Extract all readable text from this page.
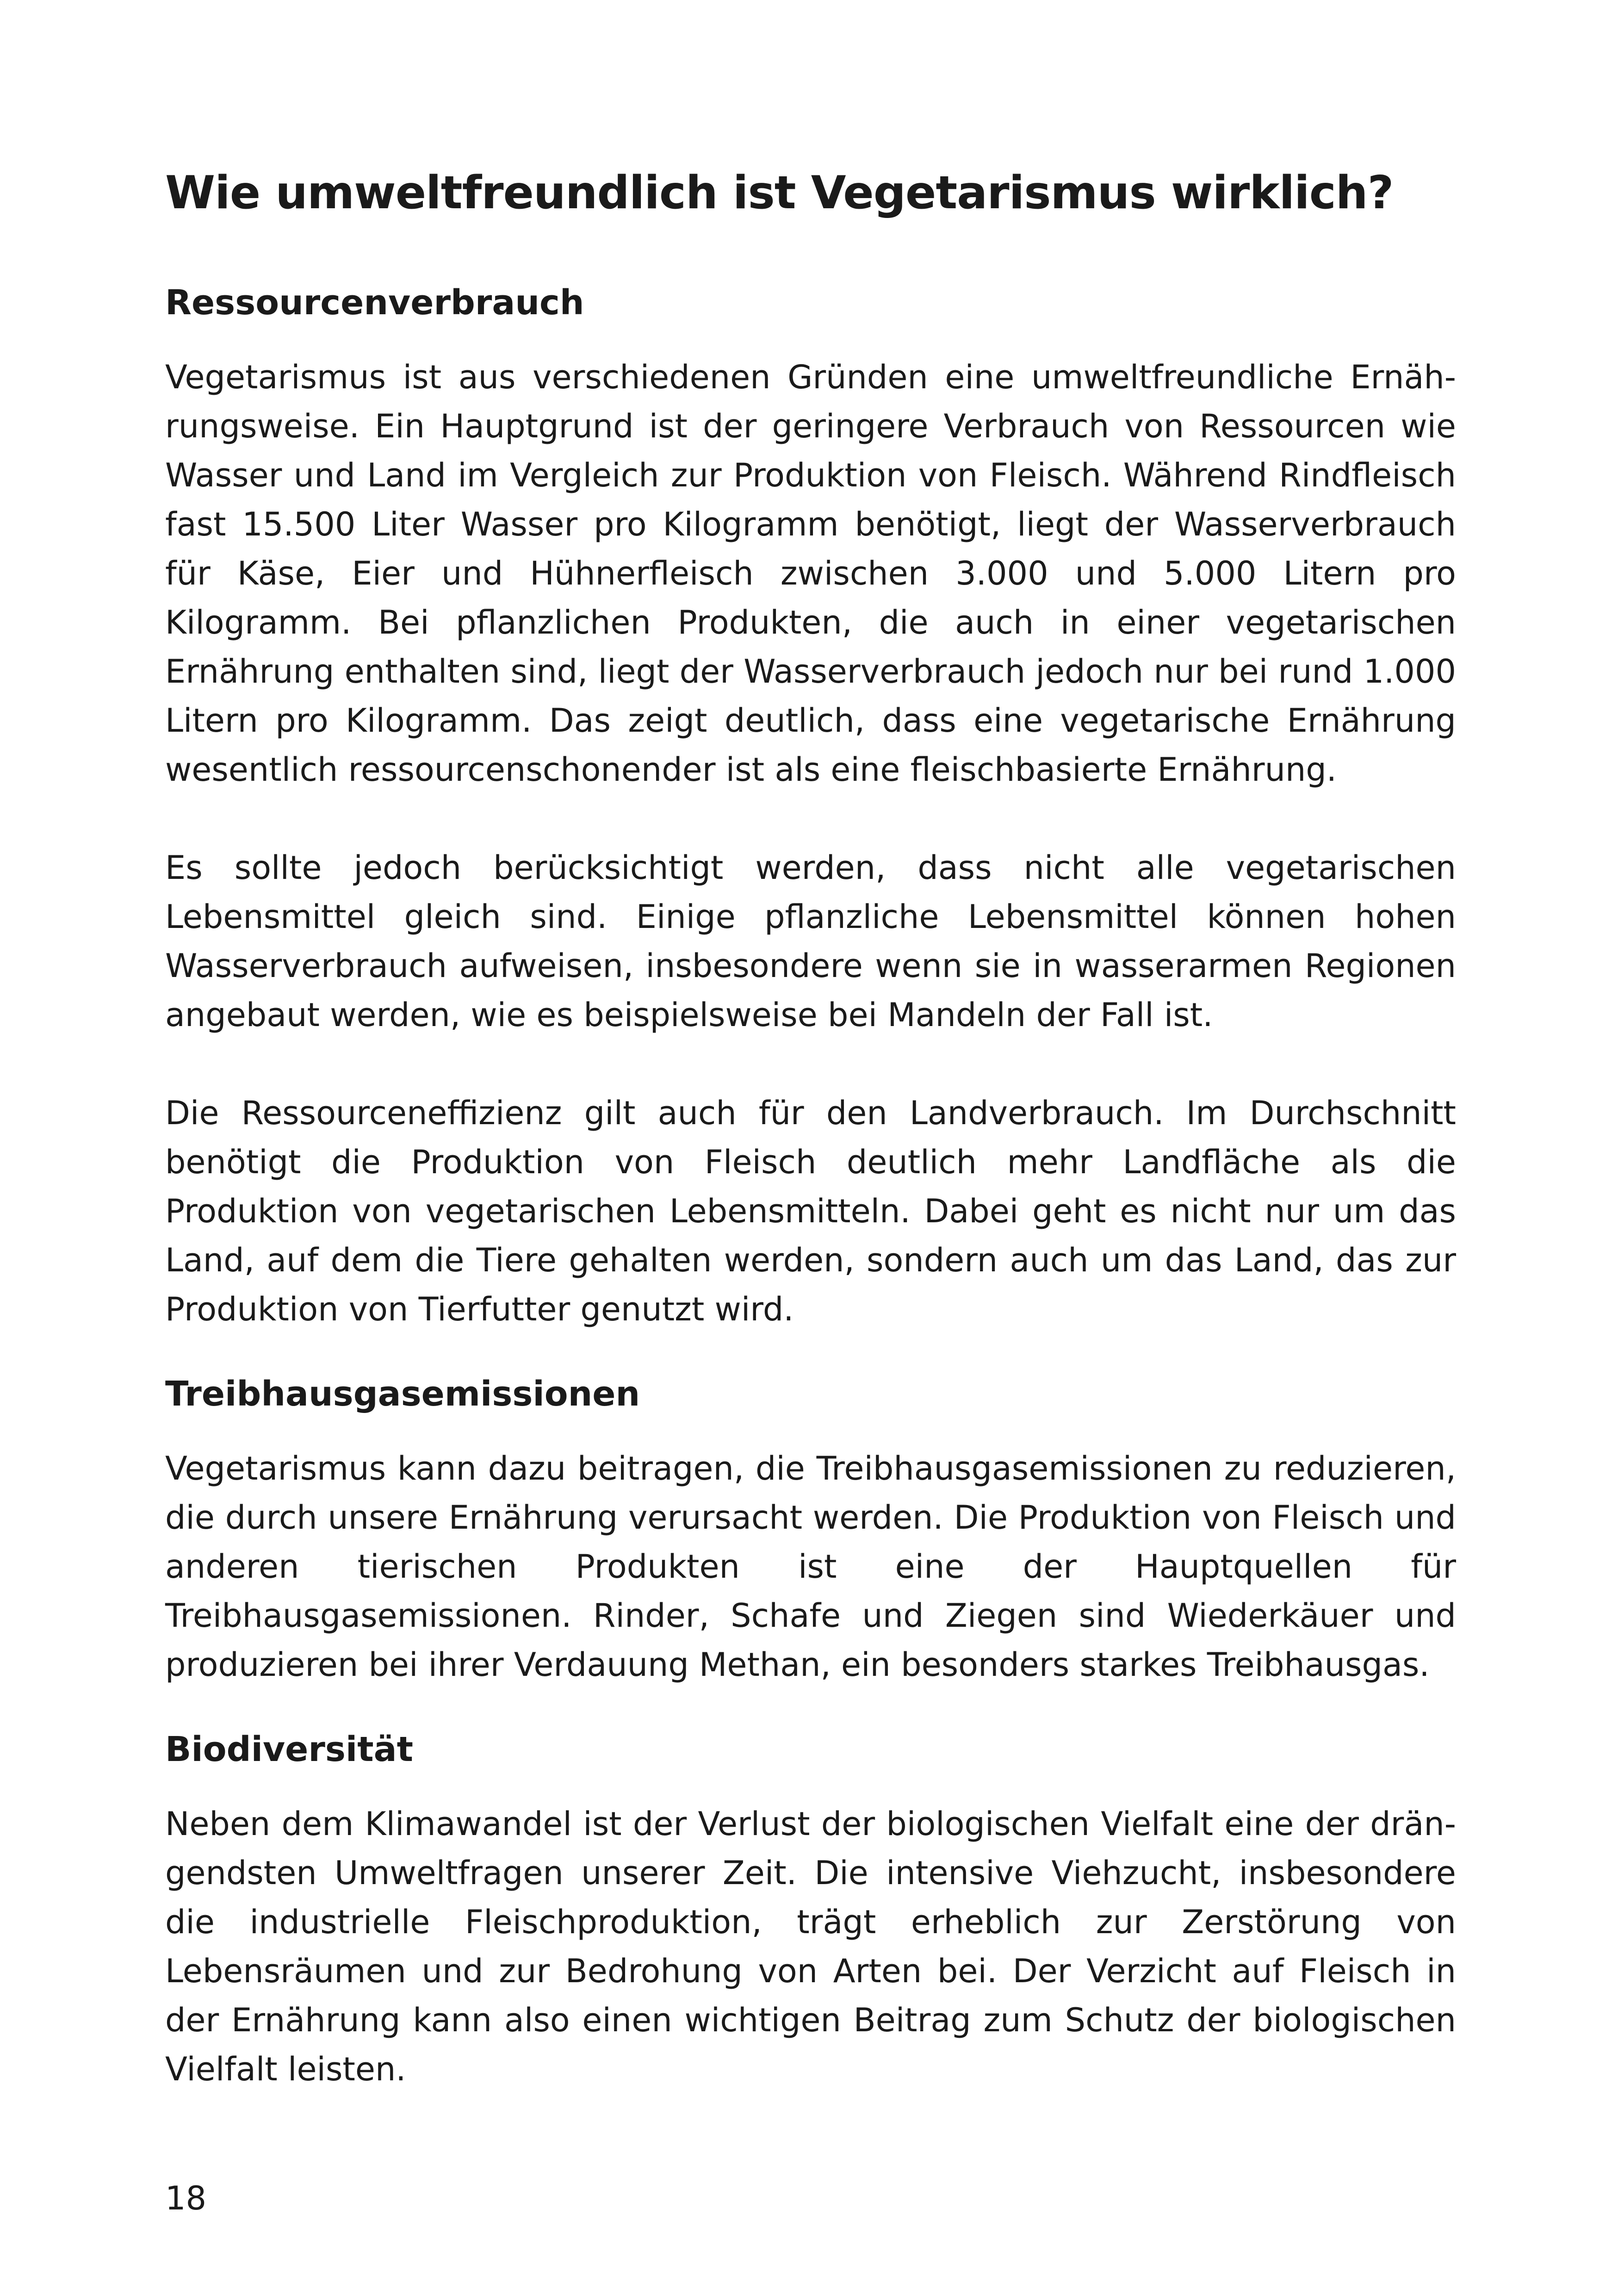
Wie umweltfreundlich ist Vegetarismus wirklich?
Ressourcenverbrauch

Vegetarismus ist aus verschiedenen Gründen eine umweltfreundliche Ernährungsweise. Ein Hauptgrund ist der geringere Verbrauch von Ressourcen wie Wasser und Land im Vergleich zur Produktion von Fleisch. Während Rindfleisch fast 15.500 Liter Wasser pro Kilogramm benötigt, liegt der Wasserverbrauch für Käse, Eier und Hühnerfleisch zwischen 3.000 und 5.000 Litern pro Kilogramm. Bei pflanzlichen Produkten, die auch in einer vegetarischen Ernährung enthalten sind, liegt der Wasserverbrauch jedoch nur bei rund 1.000 Litern pro Kilogramm. Das zeigt deutlich, dass eine vegetarische Ernährung wesentlich ressourcenschonender ist als eine fleischbasierte Ernährung.

Es sollte jedoch berücksichtigt werden, dass nicht alle vegetarischen Lebensmittel gleich sind. Einige pflanzliche Lebensmittel können hohen Wasserverbrauch aufweisen, insbesondere wenn sie in wasserarmen Regionen angebaut werden, wie es beispielsweise bei Mandeln der Fall ist.

Die Ressourceneffizienz gilt auch für den Landverbrauch. Im Durchschnitt benötigt die Produktion von Fleisch deutlich mehr Landfläche als die Produktion von vegetarischen Lebensmitteln. Dabei geht es nicht nur um das Land, auf dem die Tiere gehalten werden, sondern auch um das Land, das zur Produktion von Tierfutter genutzt wird.

Treibhausgasemissionen

Vegetarismus kann dazu beitragen, die Treibhausgasemissionen zu reduzieren, die durch unsere Ernährung verursacht werden. Die Produktion von Fleisch und anderen tierischen Produkten ist eine der Hauptquellen für Treibhausgasemissionen. Rinder, Schafe und Ziegen sind Wiederkäuer und produzieren bei ihrer Verdauung Methan, ein besonders starkes Treibhausgas.

Biodiversität

Neben dem Klimawandel ist der Verlust der biologischen Vielfalt eine der drängendsten Umweltfragen unserer Zeit. Die intensive Viehzucht, insbesondere die industrielle Fleischproduktion, trägt erheblich zur Zerstörung von Lebensräumen und zur Bedrohung von Arten bei. Der Verzicht auf Fleisch in der Ernährung kann also einen wichtigen Beitrag zum Schutz der biologischen Vielfalt leisten.

18
